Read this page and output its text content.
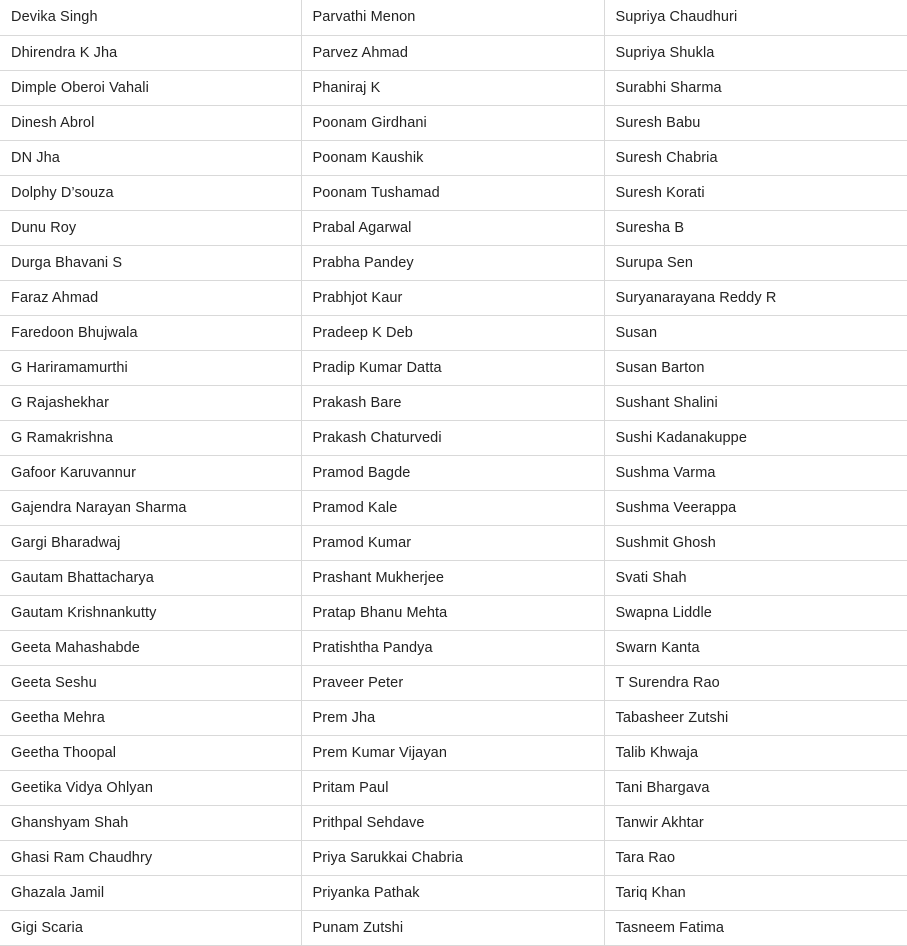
Devika Singh	Parvathi Menon	Supriya Chaudhuri
Dhirendra K Jha	Parvez Ahmad	Supriya Shukla
Dimple Oberoi Vahali	Phaniraj K	Surabhi Sharma
Dinesh Abrol	Poonam Girdhani	Suresh Babu
DN Jha	Poonam Kaushik	Suresh Chabria
Dolphy D’souza	Poonam Tushamad	Suresh Korati
Dunu Roy	Prabal Agarwal	Suresha B
Durga Bhavani S	Prabha Pandey	Surupa Sen
Faraz Ahmad	Prabhjot Kaur	Suryanarayana Reddy R
Faredoon Bhujwala	Pradeep K Deb	Susan
G Hariramamurthi	Pradip Kumar Datta	Susan Barton
G Rajashekhar	Prakash Bare	Sushant Shalini
G Ramakrishna	Prakash Chaturvedi	Sushi Kadanakuppe
Gafoor Karuvannur	Pramod Bagde	Sushma Varma
Gajendra Narayan Sharma	Pramod Kale	Sushma Veerappa
Gargi Bharadwaj	Pramod Kumar	Sushmit Ghosh
Gautam Bhattacharya	Prashant Mukherjee	Svati Shah
Gautam Krishnankutty	Pratap Bhanu Mehta	Swapna Liddle
Geeta Mahashabde	Pratishtha Pandya	Swarn Kanta
Geeta Seshu	Praveer Peter	T Surendra Rao
Geetha Mehra	Prem Jha	Tabasheer Zutshi
Geetha Thoopal	Prem Kumar Vijayan	Talib Khwaja
Geetika Vidya Ohlyan	Pritam Paul	Tani Bhargava
Ghanshyam Shah	Prithpal Sehdave	Tanwir Akhtar
Ghasi Ram Chaudhry	Priya Sarukkai Chabria	Tara Rao
Ghazala Jamil	Priyanka Pathak	Tariq Khan
Gigi Scaria	Punam Zutshi	Tasneem Fatima
